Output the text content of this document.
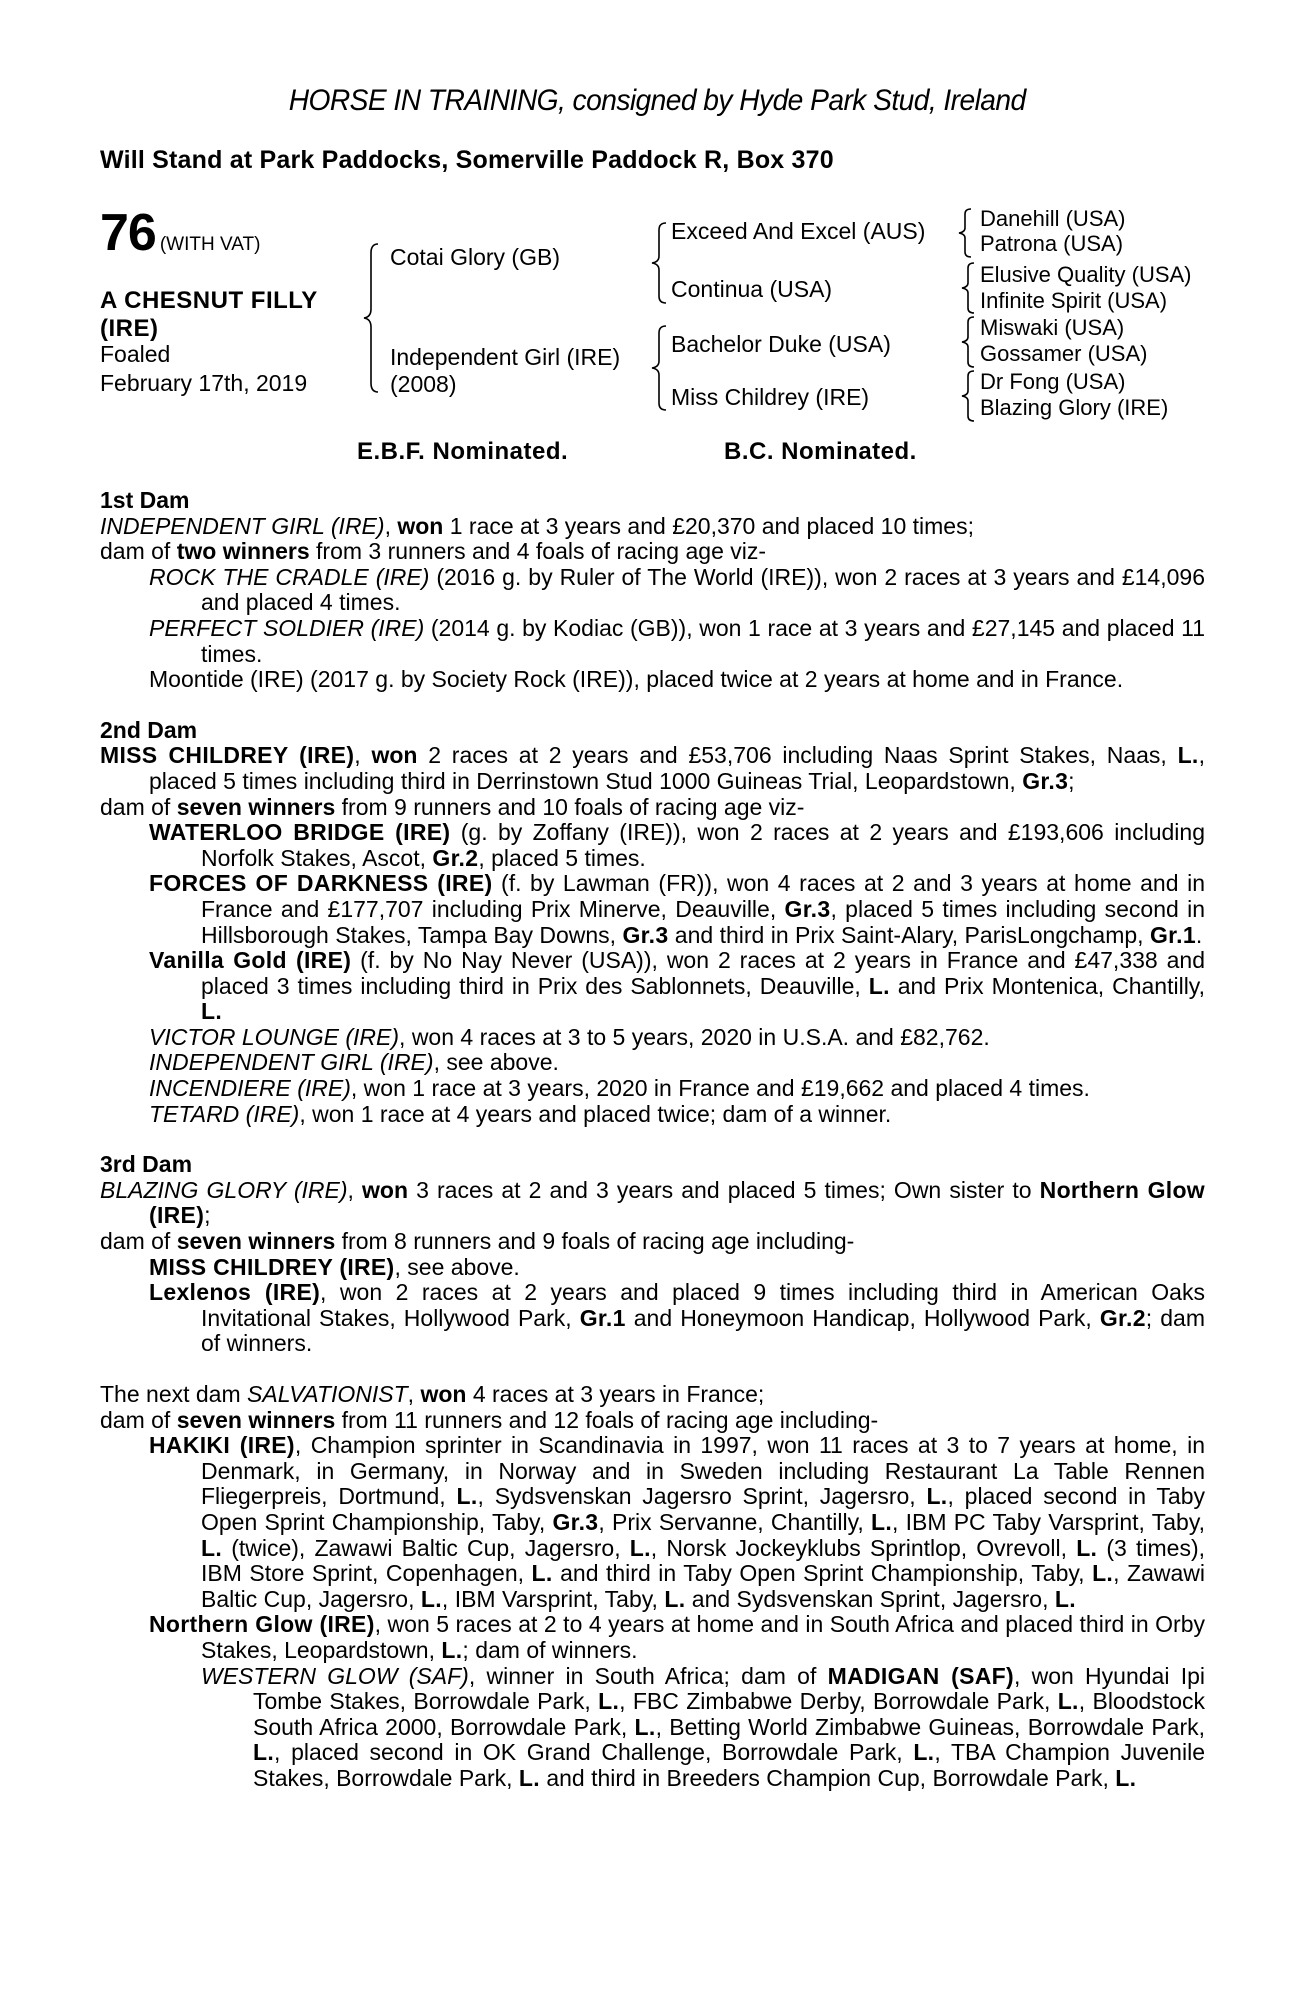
HORSE IN TRAINING, consigned by Hyde Park Stud, Ireland
Will Stand at Park Paddocks, Somerville Paddock R, Box 370
76 (WITH VAT)
A CHESNUT FILLY
(IRE)
Foaled
February 17th, 2019
Cotai Glory (GB)
Independent Girl (IRE)
(2008)
Exceed And Excel (AUS)
Continua (USA)
Bachelor Duke (USA)
Miss Childrey (IRE)
Danehill (USA)
Patrona (USA)
Elusive Quality (USA)
Infinite Spirit (USA)
Miswaki (USA)
Gossamer (USA)
Dr Fong (USA)
Blazing Glory (IRE)
E.B.F. Nominated.	B.C. Nominated.

1st Dam

INDEPENDENT GIRL (IRE), won 1 race at 3 years and £20,370 and placed 10 times;

dam of two winners from 3 runners and 4 foals of racing age viz-

ROCK THE CRADLE (IRE) (2016 g. by Ruler of The World (IRE)), won 2 races at 3 years and £14,096 and placed 4 times.

PERFECT SOLDIER (IRE) (2014 g. by Kodiac (GB)), won 1 race at 3 years and £27,145 and placed 11 times.

Moontide (IRE) (2017 g. by Society Rock (IRE)), placed twice at 2 years at home and in France.

2nd Dam

MISS CHILDREY (IRE), won 2 races at 2 years and £53,706 including Naas Sprint Stakes, Naas, L., placed 5 times including third in Derrinstown Stud 1000 Guineas Trial, Leopardstown, Gr.3;

dam of seven winners from 9 runners and 10 foals of racing age viz-

WATERLOO BRIDGE (IRE) (g. by Zoffany (IRE)), won 2 races at 2 years and £193,606 including Norfolk Stakes, Ascot, Gr.2, placed 5 times.

FORCES OF DARKNESS (IRE) (f. by Lawman (FR)), won 4 races at 2 and 3 years at home and in France and £177,707 including Prix Minerve, Deauville, Gr.3, placed 5 times including second in Hillsborough Stakes, Tampa Bay Downs, Gr.3 and third in Prix Saint-Alary, ParisLongchamp, Gr.1.

Vanilla Gold (IRE) (f. by No Nay Never (USA)), won 2 races at 2 years in France and £47,338 and placed 3 times including third in Prix des Sablonnets, Deauville, L. and Prix Montenica, Chantilly, L.

VICTOR LOUNGE (IRE), won 4 races at 3 to 5 years, 2020 in U.S.A. and £82,762.

INDEPENDENT GIRL (IRE), see above.

INCENDIERE (IRE), won 1 race at 3 years, 2020 in France and £19,662 and placed 4 times.

TETARD (IRE), won 1 race at 4 years and placed twice; dam of a winner.

3rd Dam

BLAZING GLORY (IRE), won 3 races at 2 and 3 years and placed 5 times; Own sister to Northern Glow (IRE);

dam of seven winners from 8 runners and 9 foals of racing age including-

MISS CHILDREY (IRE), see above.

Lexlenos (IRE), won 2 races at 2 years and placed 9 times including third in American Oaks Invitational Stakes, Hollywood Park, Gr.1 and Honeymoon Handicap, Hollywood Park, Gr.2; dam of winners.

The next dam SALVATIONIST, won 4 races at 3 years in France;

dam of seven winners from 11 runners and 12 foals of racing age including-

HAKIKI (IRE), Champion sprinter in Scandinavia in 1997, won 11 races at 3 to 7 years at home, in Denmark, in Germany, in Norway and in Sweden including Restaurant La Table Rennen Fliegerpreis, Dortmund, L., Sydsvenskan Jagersro Sprint, Jagersro, L., placed second in Taby Open Sprint Championship, Taby, Gr.3, Prix Servanne, Chantilly, L., IBM PC Taby Varsprint, Taby, L. (twice), Zawawi Baltic Cup, Jagersro, L., Norsk Jockeyklubs Sprintlop, Ovrevoll, L. (3 times), IBM Store Sprint, Copenhagen, L. and third in Taby Open Sprint Championship, Taby, L., Zawawi Baltic Cup, Jagersro, L., IBM Varsprint, Taby, L. and Sydsvenskan Sprint, Jagersro, L.

Northern Glow (IRE), won 5 races at 2 to 4 years at home and in South Africa and placed third in Orby Stakes, Leopardstown, L.; dam of winners.

WESTERN GLOW (SAF), winner in South Africa; dam of MADIGAN (SAF), won Hyundai Ipi Tombe Stakes, Borrowdale Park, L., FBC Zimbabwe Derby, Borrowdale Park, L., Bloodstock South Africa 2000, Borrowdale Park, L., Betting World Zimbabwe Guineas, Borrowdale Park, L., placed second in OK Grand Challenge, Borrowdale Park, L., TBA Champion Juvenile Stakes, Borrowdale Park, L. and third in Breeders Champion Cup, Borrowdale Park, L.
